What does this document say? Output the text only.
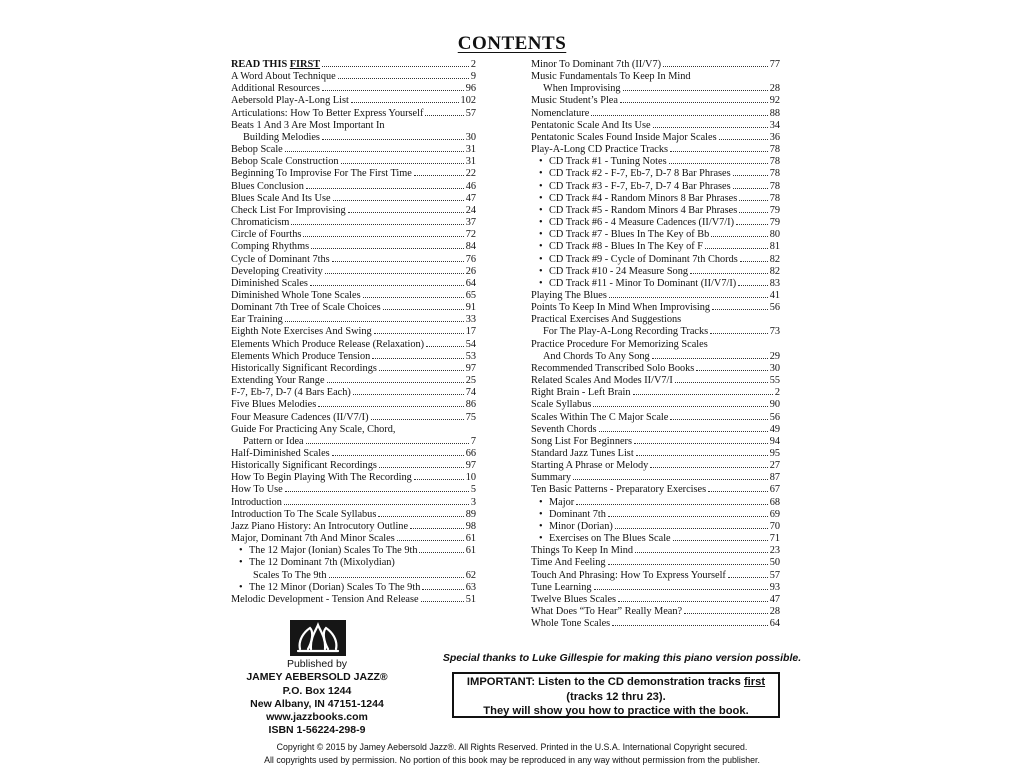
CONTENTS
READ THIS FIRST	2
A Word About Technique	9
Additional Resources	96
Aebersold Play-A-Long List	102
Articulations: How To Better Express Yourself	57
Beats 1 And 3 Are Most Important In
Building Melodies	30
Bebop Scale	31
Bebop Scale Construction	31
Beginning To Improvise For The First Time	22
Blues Conclusion	46
Blues Scale And Its Use	47
Check List For Improvising	24
Chromaticism	37
Circle of Fourths	72
Comping Rhythms	84
Cycle of Dominant 7ths	76
Developing Creativity	26
Diminished Scales	64
Diminished Whole Tone Scales	65
Dominant 7th Tree of Scale Choices	91
Ear Training	33
Eighth Note Exercises And Swing	17
Elements Which Produce Release (Relaxation)	54
Elements Which Produce Tension	53
Historically Significant Recordings	97
Extending Your Range	25
F-7, Eb-7, D-7 (4 Bars Each)	74
Five Blues Melodies	86
Four Measure Cadences (II/V7/I)	75
Guide For Practicing Any Scale, Chord,
Pattern or Idea	7
Half-Diminished Scales	66
Historically Significant Recordings	97
How To Begin Playing With The Recording	10
How To Use	5
Introduction	3
Introduction To The Scale Syllabus	89
Jazz Piano History: An Introcutory Outline	98
Major, Dominant 7th And Minor Scales	61
• The 12 Major (Ionian) Scales To The 9th	61
• The 12 Dominant 7th (Mixolydian)
Scales To The 9th	62
• The 12 Minor (Dorian) Scales To The 9th	63
Melodic Development - Tension And Release	51
Minor To Dominant 7th (II/V7)	77
Music Fundamentals To Keep In Mind
When Improvising	28
Music Student’s Plea	92
Nomenclature	88
Pentatonic Scale And Its Use	34
Pentatonic Scales Found Inside Major Scales	36
Play-A-Long CD Practice Tracks	78
• CD Track #1 - Tuning Notes	78
• CD Track #2 - F-7, Eb-7, D-7 8 Bar Phrases	78
• CD Track #3 - F-7, Eb-7, D-7 4 Bar Phrases	78
• CD Track #4 - Random Minors 8 Bar Phrases	78
• CD Track #5 - Random Minors 4 Bar Phrases	79
• CD Track #6 - 4 Measure Cadences (II/V7/I)	79
• CD Track #7 - Blues In The Key of Bb	80
• CD Track #8 - Blues In The Key of F	81
• CD Track #9 - Cycle of Dominant 7th Chords	82
• CD Track #10 - 24 Measure Song	82
• CD Track #11 - Minor To Dominant (II/V7/I)	83
Playing The Blues	41
Points To Keep In Mind When Improvising	56
Practical Exercises And Suggestions
For The Play-A-Long Recording Tracks	73
Practice Procedure For Memorizing Scales
And Chords To Any Song	29
Recommended Transcribed Solo Books	30
Related Scales And Modes II/V7/I	55
Right Brain - Left Brain	2
Scale Syllabus	90
Scales Within The C Major Scale	56
Seventh Chords	49
Song List For Beginners	94
Standard Jazz Tunes List	95
Starting A Phrase or Melody	27
Summary	87
Ten Basic Patterns - Preparatory Exercises	67
• Major	68
• Dominant 7th	69
• Minor (Dorian)	70
• Exercises on The Blues Scale	71
Things To Keep In Mind	23
Time And Feeling	50
Touch And Phrasing: How To Express Yourself	57
Tune Learning	93
Twelve Blues Scales	47
What Does “To Hear” Really Mean?	28
Whole Tone Scales	64
Published by
JAMEY AEBERSOLD JAZZ®
P.O. Box 1244
New Albany, IN 47151-1244
www.jazzbooks.com
ISBN 1-56224-298-9
Special thanks to Luke Gillespie for making this piano version possible.
IMPORTANT: Listen to the CD demonstration tracks first
(tracks 12 thru 23).
They will show you how to practice with the book.
Copyright © 2015 by Jamey Aebersold Jazz®. All Rights Reserved. Printed in the U.S.A. International Copyright secured.
All copyrights used by permission. No portion of this book may be reproduced in any way without permission from the publisher.
